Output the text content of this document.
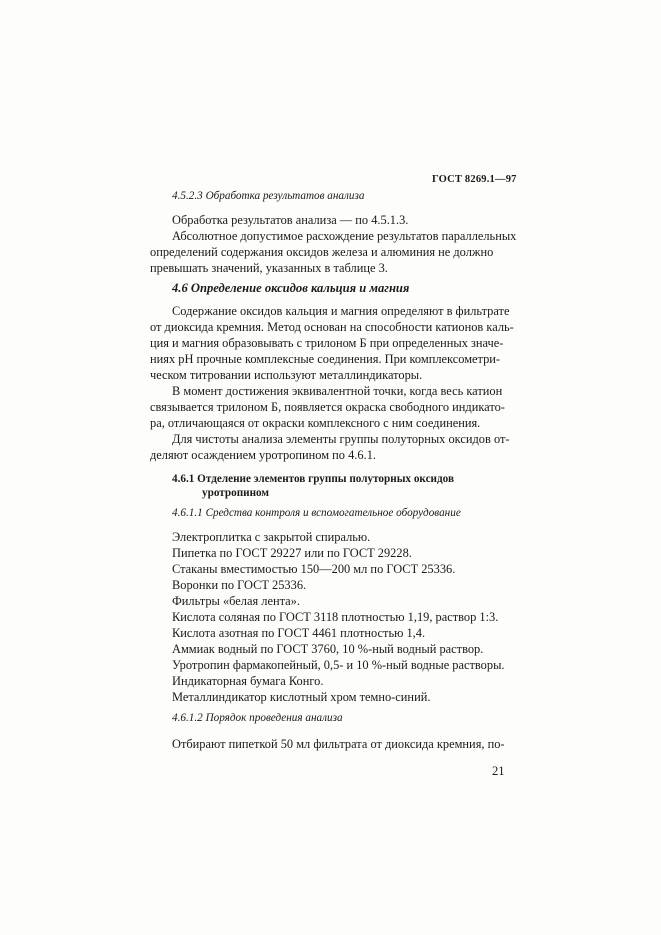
ГОСТ 8269.1—97
4.5.2.3 Обработка результатов анализа
Обработка результатов анализа — по 4.5.1.3.
Абсолютное допустимое расхождение результатов параллельных
определений содержания оксидов железа и алюминия не должно
превышать значений, указанных в таблице 3.
4.6 Определение оксидов кальция и магния
Содержание оксидов кальция и магния определяют в фильтрате
от диоксида кремния. Метод основан на способности катионов каль-
ция и магния образовывать с трилоном Б при определенных значе-
ниях pH прочные комплексные соединения. При комплексометри-
ческом титровании используют металлиндикаторы.
В момент достижения эквивалентной точки, когда весь катион
связывается трилоном Б, появляется окраска свободного индикато-
ра, отличающаяся от окраски комплексного с ним соединения.
Для чистоты анализа элементы группы полуторных оксидов от-
деляют осаждением уротропином по 4.6.1.
4.6.1 Отделение элементов группы полуторных оксидов
уротропином
4.6.1.1 Средства контроля и вспомогательное оборудование
Электроплитка с закрытой спиралью.
Пипетка по ГОСТ 29227 или по ГОСТ 29228.
Стаканы вместимостью 150—200 мл по ГОСТ 25336.
Воронки по ГОСТ 25336.
Фильтры «белая лента».
Кислота соляная по ГОСТ 3118 плотностью 1,19, раствор 1:3.
Кислота азотная по ГОСТ 4461 плотностью 1,4.
Аммиак водный по ГОСТ 3760, 10 %-ный водный раствор.
Уротропин фармакопейный, 0,5- и 10 %-ный водные растворы.
Индикаторная бумага Конго.
Металлиндикатор кислотный хром темно-синий.
4.6.1.2 Порядок проведения анализа
Отбирают пипеткой 50 мл фильтрата от диоксида кремния, по-
21
